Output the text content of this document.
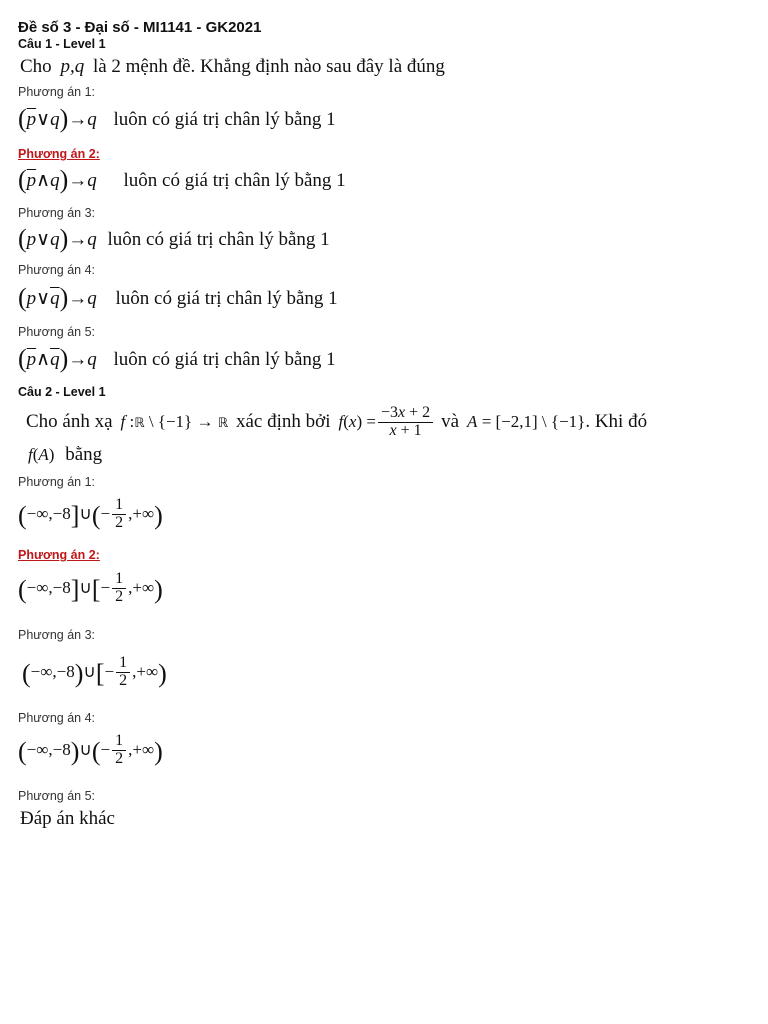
Đề số 3 - Đại số - MI1141 - GK2021
Câu 1 - Level 1
Cho p,q là 2 mệnh đề. Khẳng định nào sau đây là đúng
Phương án 1:
$(\overline{p}\vee q)\to q$ luôn có giá trị chân lý bằng 1
Phương án 2:
$(\overline{p}\wedge q)\to q$ luôn có giá trị chân lý bằng 1
Phương án 3:
(p∨q)→q luôn có giá trị chân lý bằng 1
Phương án 4:
$(p\vee\overline{q})\to q$ luôn có giá trị chân lý bằng 1
Phương án 5:
$(\overline{p}\wedge\overline{q})\to q$ luôn có giá trị chân lý bằng 1
Câu 2 - Level 1
Cho ánh xạ f :ℝ \ {−1} → ℝ xác định bởi f ( x ) = $\frac{-3x + 2}{x + 1}$ và A = [−2,1] \ {−1} . Khi đó
f(A) bằng
Phương án 1:
( −∞,−8 ] ∪ ( − $\frac{1}{2}$ ,+∞ )
Phương án 2:
( −∞,−8 ] ∪ [ − $\frac{1}{2}$ ,+∞ )
Phương án 3:
( −∞,−8 ) ∪ [ − $\frac{1}{2}$ ,+∞ )
Phương án 4:
( −∞,−8 ) ∪ ( − $\frac{1}{2}$ ,+∞ )
Phương án 5:
Đáp án khác
